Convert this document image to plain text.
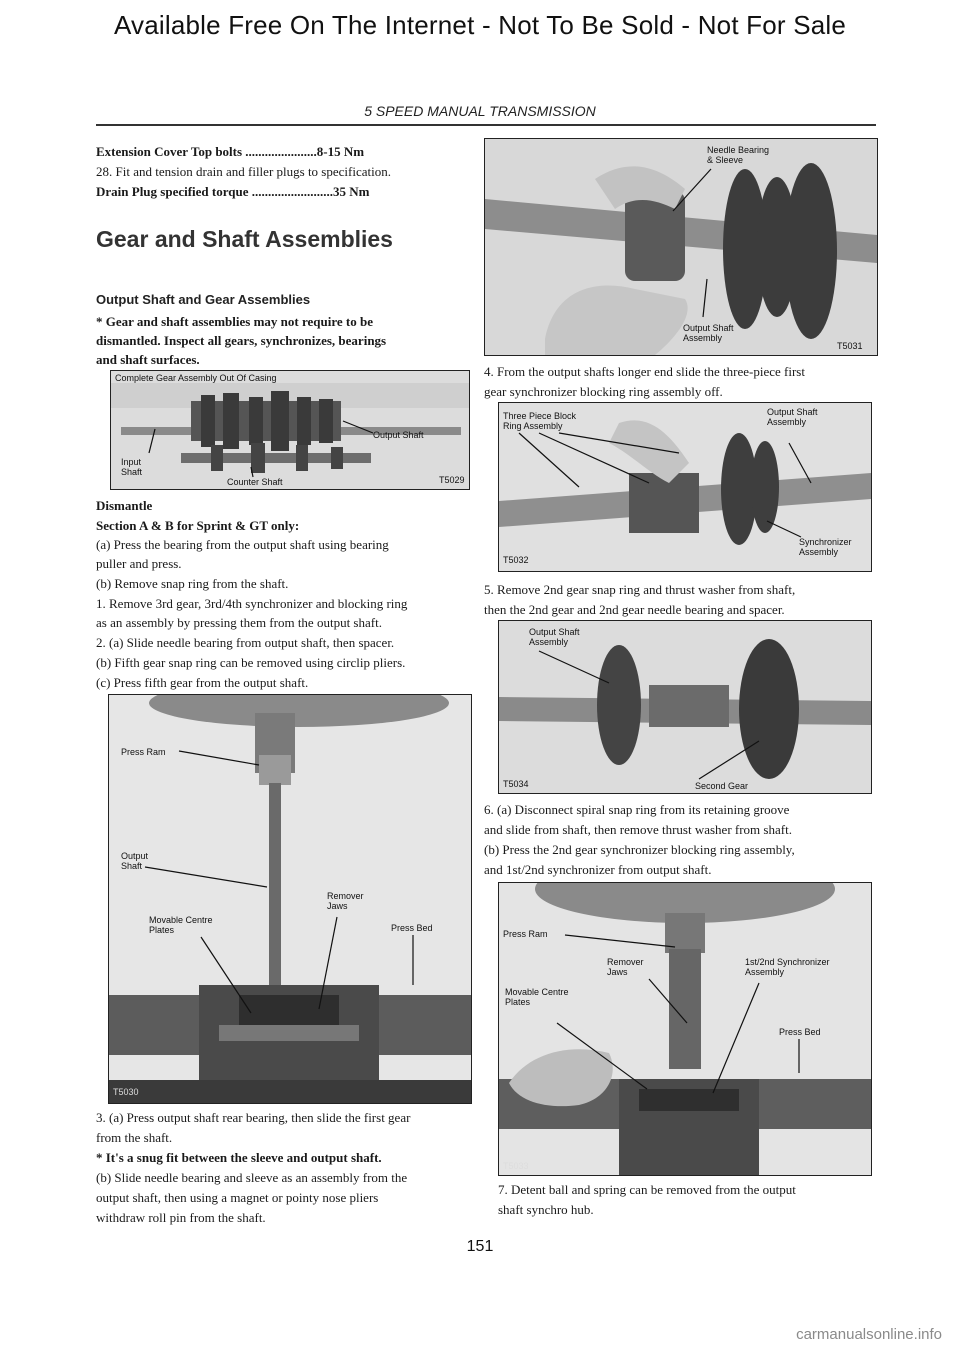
Available Free On The Internet - Not To Be Sold - Not For Sale
5 SPEED MANUAL TRANSMISSION
Extension Cover Top bolts ......................8-15 Nm
28. Fit and tension drain and filler plugs to specification.
Drain Plug specified torque .........................35 Nm
Gear and Shaft Assemblies
Output Shaft and Gear Assemblies
* Gear and shaft assemblies may not require to be
dismantled. Inspect all gears, synchronizes, bearings
and shaft surfaces.
Complete Gear Assembly Out Of Casing
Output Shaft
Input
Shaft
Counter Shaft	T5029
Dismantle
Section A & B for Sprint & GT only:
(a) Press the bearing from the output shaft using bearing
puller and press.
(b) Remove snap ring from the shaft.
1. Remove 3rd gear, 3rd/4th synchronizer and blocking ring
as an assembly by pressing them from the output shaft.
2. (a) Slide needle bearing from output shaft, then spacer.
(b) Fifth gear snap ring can be removed using circlip pliers.
(c) Press fifth gear from the output shaft.
Press Ram
Output
Shaft
Remover
Jaws
Movable Centre
Plates	Press Bed
T5030
3. (a) Press output shaft rear bearing, then slide the first gear
from the shaft.
* It's a snug fit between the sleeve and output shaft.
(b) Slide needle bearing and sleeve as an assembly from the
output shaft, then using a magnet or pointy nose pliers
withdraw roll pin from the shaft.
Needle Bearing
& Sleeve
Output Shaft
Assembly
T5031
4. From the output shafts longer end slide the three-piece first
gear synchronizer blocking ring assembly off.
Three Piece Block
Ring Assembly
Output Shaft
Assembly
Synchronizer
Assembly
T5032
5. Remove 2nd gear snap ring and thrust washer from shaft,
then the 2nd gear and 2nd gear needle bearing and spacer.
Output Shaft
Assembly
Second Gear
T5034
6. (a) Disconnect spiral snap ring from its retaining groove
and slide from shaft, then remove thrust washer from shaft.
(b) Press the 2nd gear synchronizer blocking ring assembly,
and 1st/2nd synchronizer from output shaft.
Press Ram
Remover
Jaws
1st/2nd Synchronizer
Assembly
Movable Centre
Plates
Press Bed
T5033
7. Detent ball and spring can be removed from the output
shaft synchro hub.
151
carmanualsonline.info
